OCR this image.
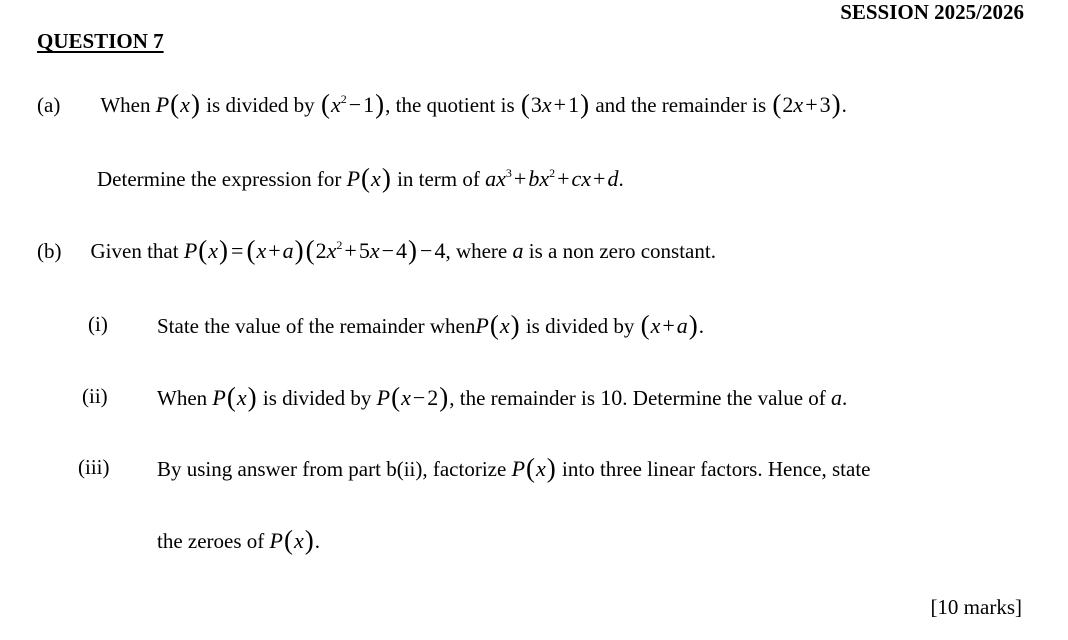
SESSION 2025/2026
QUESTION 7
(a) When P(x) is divided by $(x^2-1)$, the quotient is (3x+1) and the remainder is (2x+3).
Determine the expression for P(x) in term of $ax^3+bx^2+cx+d$.
(b) Given that $P(x) = (x+a)(2x^2+5x-4) -4$, where a is a non zero constant.
(i) State the value of the remainder whenP(x) is divided by (x+a).
(ii) When P(x) is divided by P(x−2), the remainder is 10. Determine the value of a.
(iii) By using answer from part b(ii), factorize P(x) into three linear factors. Hence, state
the zeroes of P(x).
[10 marks]
